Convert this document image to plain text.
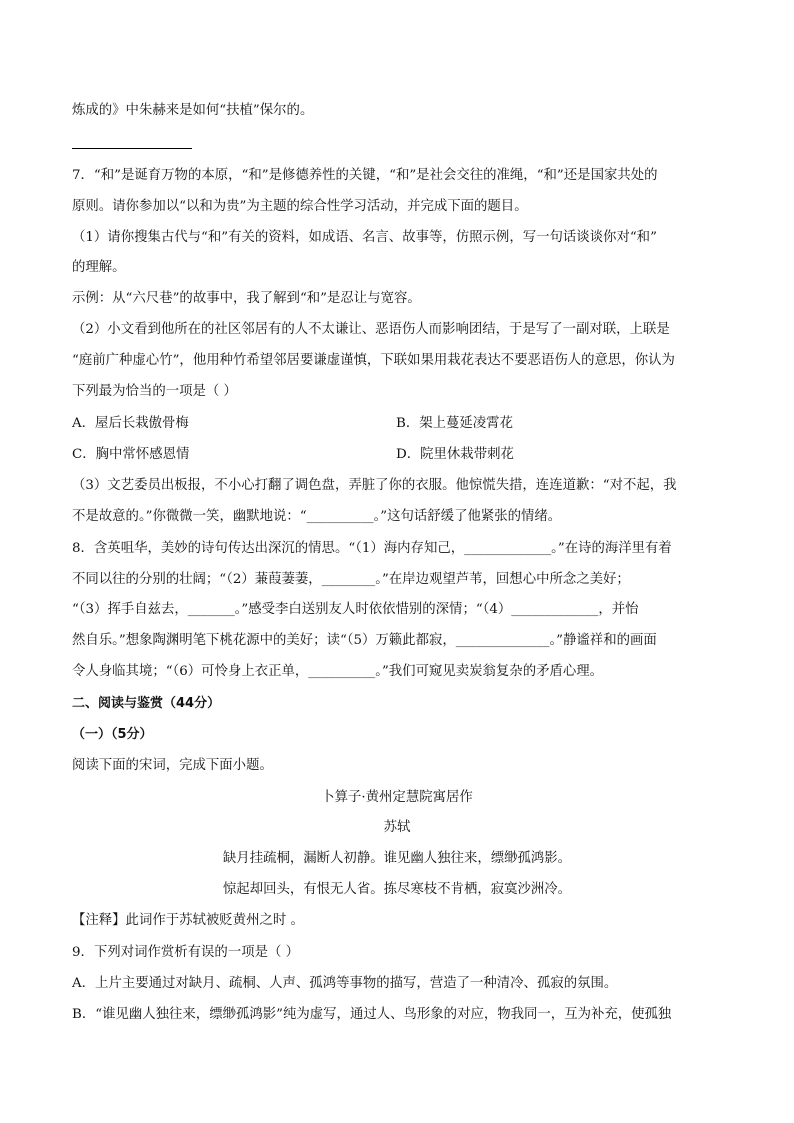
炼成的》中朱赫来是如何“扶植”保尔的。
7．“和”是诞育万物的本原，“和”是修德养性的关键，“和”是社会交往的准绳，“和”还是国家共处的
原则。请你参加以“以和为贵”为主题的综合性学习活动，并完成下面的题目。
（1）请你搜集古代与“和”有关的资料，如成语、名言、故事等，仿照示例，写一句话谈谈你对“和”
的理解。
示例：从“六尺巷”的故事中，我了解到“和”是忍让与宽容。
（2）小文看到他所在的社区邻居有的人不太谦让、恶语伤人而影响团结，于是写了一副对联，上联是
“庭前广种虚心竹”，他用种竹希望邻居要谦虚谨慎，下联如果用栽花表达不要恶语伤人的意思，你认为
下列最为恰当的一项是（ ）
A．屋后长栽傲骨梅	B．架上蔓延凌霄花
C．胸中常怀感恩情	D．院里休栽带刺花
（3）文艺委员出板报，不小心打翻了调色盘，弄脏了你的衣服。他惊慌失措，连连道歉：“对不起，我
不是故意的。”你微微一笑，幽默地说：“__________。”这句话舒缓了他紧张的情绪。
8．含英咀华，美妙的诗句传达出深沉的情思。“（1）海内存知己，_____________。”在诗的海洋里有着
不同以往的分别的壮阔；“（2）蒹葭萋萋，________。”在岸边观望芦苇，回想心中所念之美好；
“（3）挥手自兹去，_______。”感受李白送别友人时依依惜别的深情；“（4）_____________，并怡
然自乐。”想象陶渊明笔下桃花源中的美好；读“（5）万籁此都寂，______________。”静谧祥和的画面
令人身临其境；“（6）可怜身上衣正单，__________。”我们可窥见卖炭翁复杂的矛盾心理。
二、阅读与鉴赏（44分）
（一）（5分）
阅读下面的宋词，完成下面小题。
卜算子·黄州定慧院寓居作
苏轼
缺月挂疏桐，漏断人初静。谁见幽人独往来，缥缈孤鸿影。
惊起却回头，有恨无人省。拣尽寒枝不肯栖，寂寞沙洲冷。
【注释】此词作于苏轼被贬黄州之时 。
9．下列对词作赏析有误的一项是（ ）
A．上片主要通过对缺月、疏桐、人声、孤鸿等事物的描写，营造了一种清冷、孤寂的氛围。
B．“谁见幽人独往来，缥缈孤鸿影”纯为虚写，通过人、鸟形象的对应，物我同一，互为补充，使孤独
